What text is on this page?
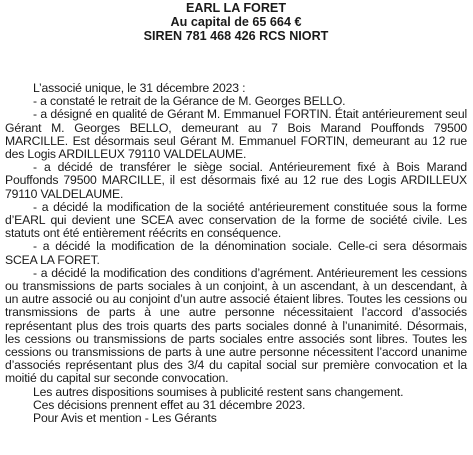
EARL LA FORET
Au capital de 65 664 €
SIREN 781 468 426 RCS NIORT

L’associé unique, le 31 décembre 2023 :

- a constaté le retrait de la Gérance de M. Georges BELLO.

- a désigné en qualité de Gérant M. Emmanuel FORTIN. Était antérieurement seul Gérant M. Georges BELLO, demeurant au 7 Bois Marand Pouffonds 79500 MARCILLE. Est désormais seul Gérant M. Emmanuel FORTIN, demeurant au 12 rue des Logis ARDILLEUX 79110 VALDELAUME.

- a décidé de transférer le siège social. Antérieurement fixé à Bois Marand Pouffonds 79500 MARCILLE, il est désormais fixé au 12 rue des Logis ARDILLEUX 79110 VALDELAUME.

- a décidé la modification de la société antérieurement constituée sous la forme d’EARL qui devient une SCEA avec conservation de la forme de société civile. Les statuts ont été entièrement réécrits en conséquence.

- a décidé la modification de la dénomination sociale. Celle-ci sera désormais SCEA LA FORET.

- a décidé la modification des conditions d’agrément. Antérieurement les cessions ou transmissions de parts sociales à un conjoint, à un ascendant, à un descendant, à un autre associé ou au conjoint d’un autre associé étaient libres. Toutes les cessions ou transmissions de parts à une autre personne nécessitaient l’accord d’associés représentant plus des trois quarts des parts sociales donné à l’unanimité. Désormais, les cessions ou transmissions de parts sociales entre associés sont libres. Toutes les cessions ou transmissions de parts à une autre personne nécessitent l’accord unanime d’associés représentant plus des 3/4 du capital social sur première convocation et la moitié du capital sur seconde convocation.

Les autres dispositions soumises à publicité restent sans changement.

Ces décisions prennent effet au 31 décembre 2023.

Pour Avis et mention - Les Gérants
